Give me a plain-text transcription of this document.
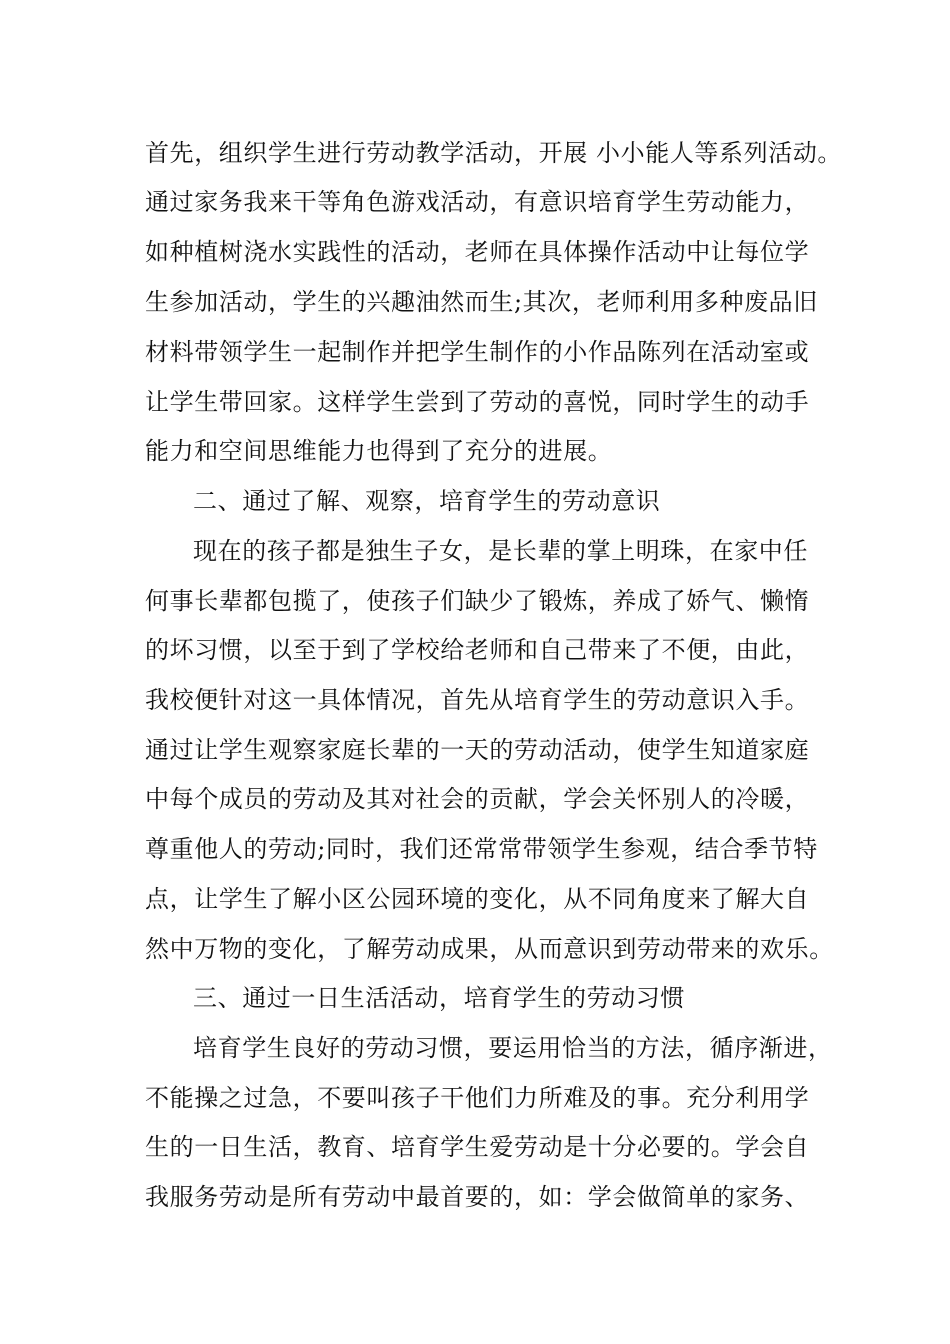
首先，组织学生进行劳动教学活动，开展 小小能人等系列活动。
通过家务我来干等角色游戏活动，有意识培育学生劳动能力，
如种植树浇水实践性的活动，老师在具体操作活动中让每位学
生参加活动，学生的兴趣油然而生;其次，老师利用多种废品旧
材料带领学生一起制作并把学生制作的小作品陈列在活动室或
让学生带回家。这样学生尝到了劳动的喜悦，同时学生的动手
能力和空间思维能力也得到了充分的进展。
二、通过了解、观察，培育学生的劳动意识
现在的孩子都是独生子女，是长辈的掌上明珠，在家中任
何事长辈都包揽了，使孩子们缺少了锻炼，养成了娇气、懒惰
的坏习惯，以至于到了学校给老师和自己带来了不便，由此，
我校便针对这一具体情况，首先从培育学生的劳动意识入手。
通过让学生观察家庭长辈的一天的劳动活动，使学生知道家庭
中每个成员的劳动及其对社会的贡献，学会关怀别人的冷暖，
尊重他人的劳动;同时，我们还常常带领学生参观，结合季节特
点，让学生了解小区公园环境的变化，从不同角度来了解大自
然中万物的变化，了解劳动成果，从而意识到劳动带来的欢乐。
三、通过一日生活活动，培育学生的劳动习惯
培育学生良好的劳动习惯，要运用恰当的方法，循序渐进，
不能操之过急，不要叫孩子干他们力所难及的事。充分利用学
生的一日生活，教育、培育学生爱劳动是十分必要的。学会自
我服务劳动是所有劳动中最首要的，如：学会做简单的家务、
